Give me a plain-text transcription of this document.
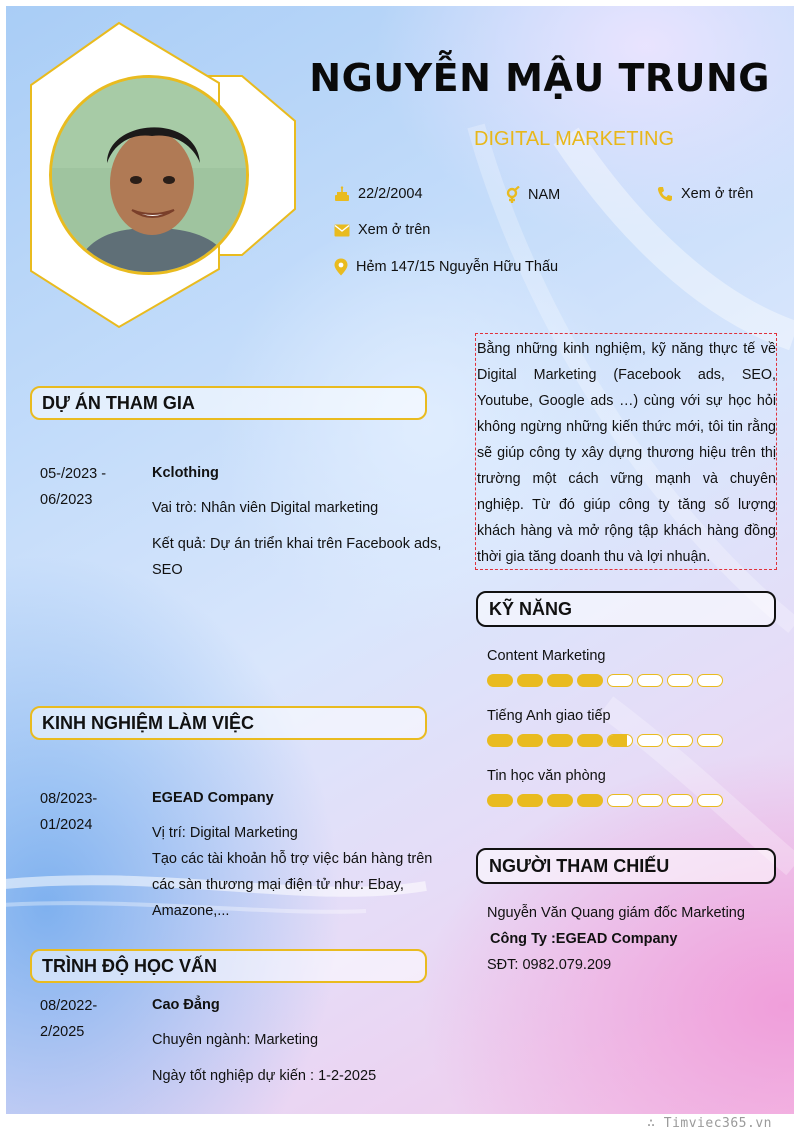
NGUYỄN MẬU TRUNG
DIGITAL MARKETING
22/2/2004	NAM	Xem ở trên
Xem ở trên
Hẻm 147/15 Nguyễn Hữu Thấu
DỰ ÁN THAM GIA
05-/2023 -
06/2023
Kclothing
Vai trò: Nhân viên Digital marketing
Kết quả: Dự án triển khai trên Facebook ads,
SEO
KINH NGHIỆM LÀM VIỆC
08/2023-
01/2024
EGEAD Company
Vị trí: Digital Marketing
Tạo các tài khoản hỗ trợ việc bán hàng trên
các sàn thương mại điện tử như: Ebay,
Amazone,...
TRÌNH ĐỘ HỌC VẤN
08/2022-
2/2025
Cao Đẳng
Chuyên ngành: Marketing
Ngày tốt nghiệp dự kiến : 1-2-2025
Bằng những kinh nghiệm, kỹ năng thực tế về Digital Marketing (Facebook ads, SEO, Youtube, Google ads …) cùng với sự học hỏi không ngừng những kiến thức mới, tôi tin rằng sẽ giúp công ty xây dựng thương hiệu trên thị trường một cách vững mạnh và chuyên nghiệp. Từ đó giúp công ty tăng số lượng khách hàng và mở rộng tập khách hàng đồng thời gia tăng doanh thu và lợi nhuận.
KỸ NĂNG
Content Marketing
Tiếng Anh giao tiếp
Tin học văn phòng
NGƯỜI THAM CHIẾU
Nguyễn Văn Quang giám đốc Marketing
Công Ty :EGEAD Company
SĐT: 0982.079.209
∴ Timviec365.vn
